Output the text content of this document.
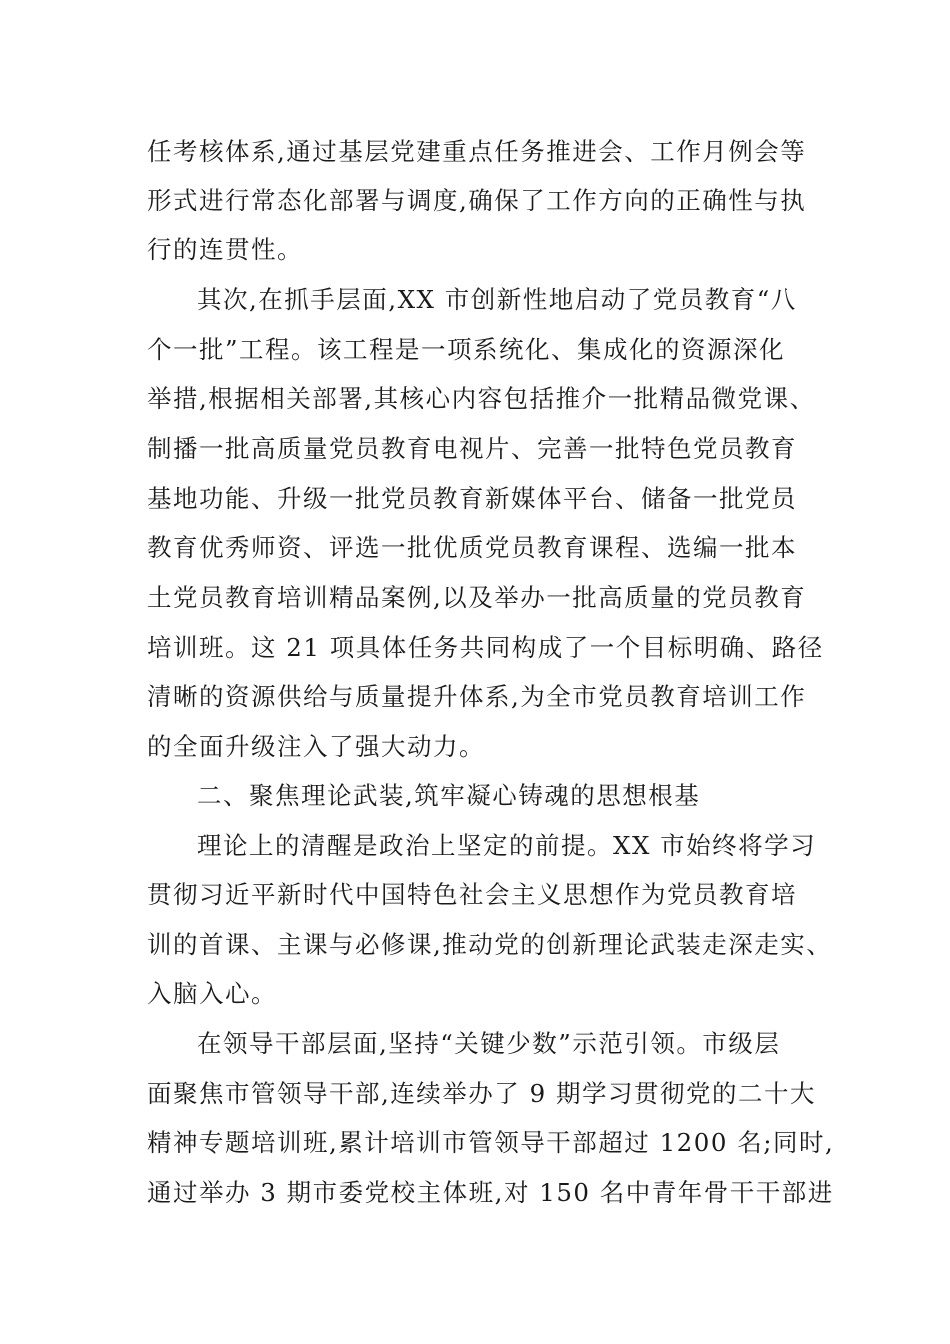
任考核体系,通过基层党建重点任务推进会、工作月例会等
形式进行常态化部署与调度,确保了工作方向的正确性与执
行的连贯性。
其次,在抓手层面,XX 市创新性地启动了党员教育“八
个一批”工程。该工程是一项系统化、集成化的资源深化
举措,根据相关部署,其核心内容包括推介一批精品微党课、
制播一批高质量党员教育电视片、完善一批特色党员教育
基地功能、升级一批党员教育新媒体平台、储备一批党员
教育优秀师资、评选一批优质党员教育课程、选编一批本
土党员教育培训精品案例,以及举办一批高质量的党员教育
培训班。这 21 项具体任务共同构成了一个目标明确、路径
清晰的资源供给与质量提升体系,为全市党员教育培训工作
的全面升级注入了强大动力。
二、聚焦理论武装,筑牢凝心铸魂的思想根基
理论上的清醒是政治上坚定的前提。XX 市始终将学习
贯彻习近平新时代中国特色社会主义思想作为党员教育培
训的首课、主课与必修课,推动党的创新理论武装走深走实、
入脑入心。
在领导干部层面,坚持“关键少数”示范引领。市级层
面聚焦市管领导干部,连续举办了 9 期学习贯彻党的二十大
精神专题培训班,累计培训市管领导干部超过 1200 名;同时,
通过举办 3 期市委党校主体班,对 150 名中青年骨干干部进
